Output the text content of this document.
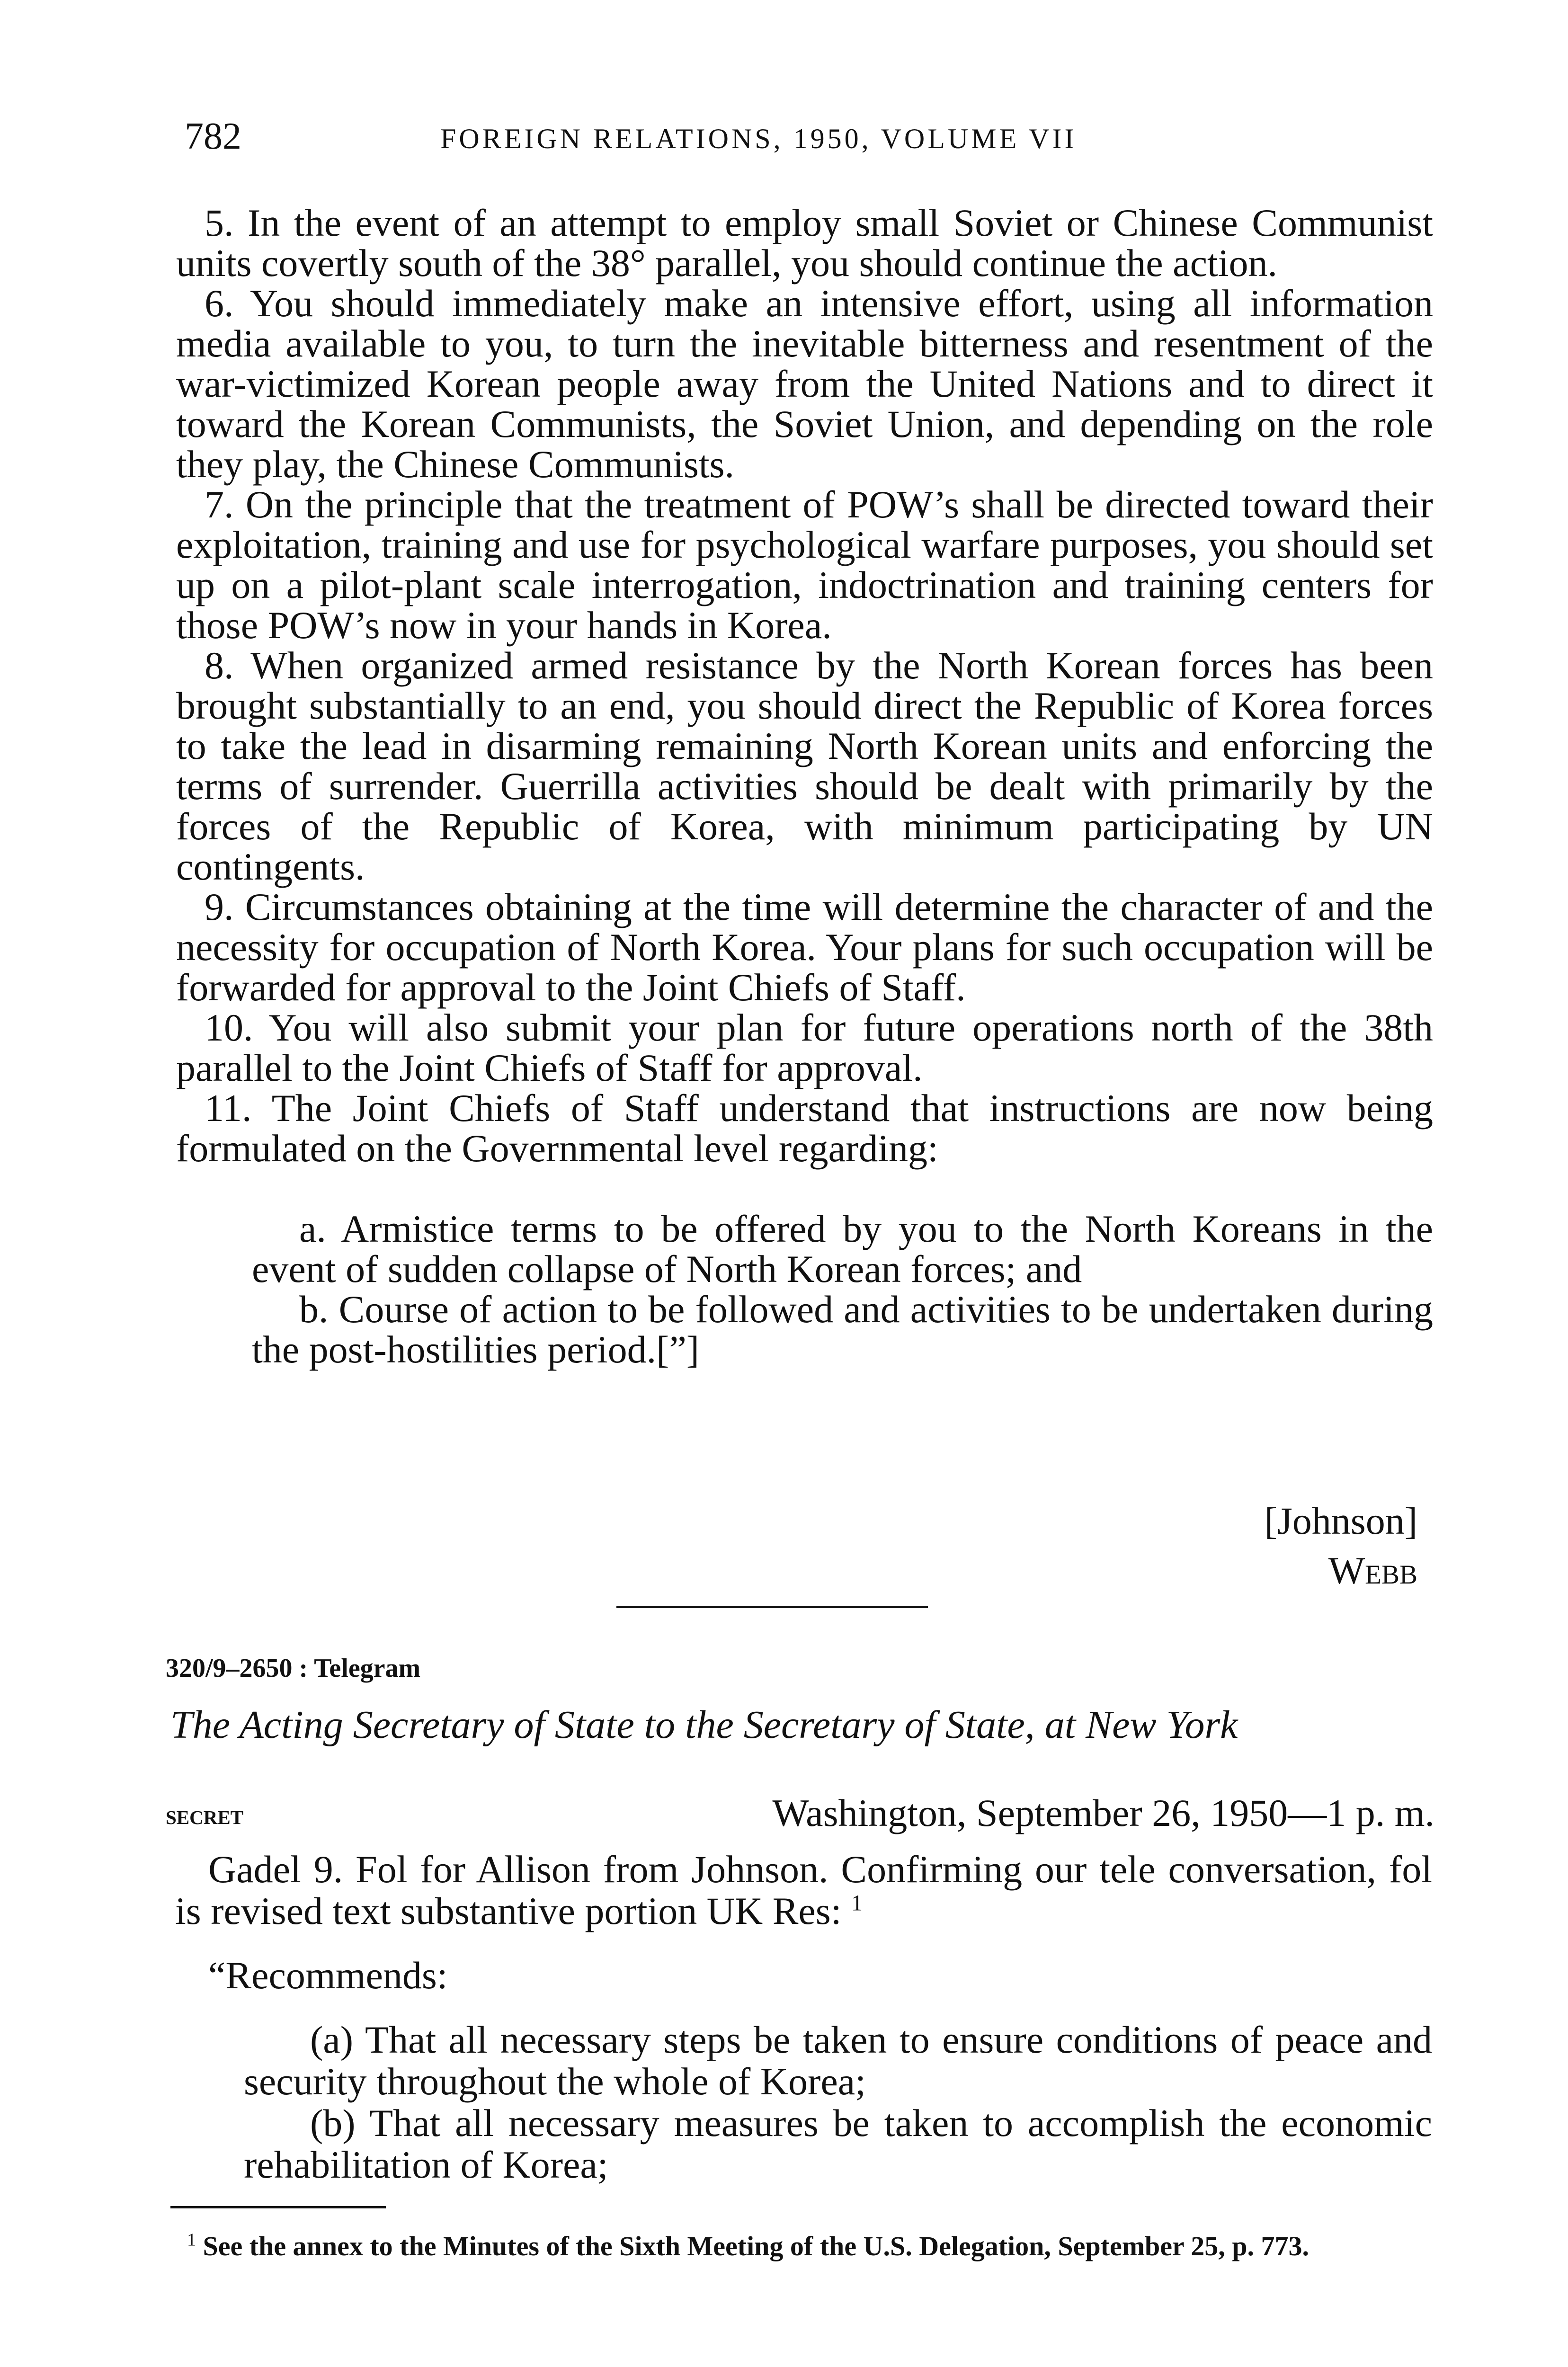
782	FOREIGN RELATIONS, 1950, VOLUME VII

5. In the event of an attempt to employ small Soviet or Chinese Communist units covertly south of the 38° parallel, you should continue the action.

6. You should immediately make an intensive effort, using all information media available to you, to turn the inevitable bitterness and resentment of the war-victimized Korean people away from the United Nations and to direct it toward the Korean Communists, the Soviet Union, and depending on the role they play, the Chinese Communists.

7. On the principle that the treatment of POW’s shall be directed toward their exploitation, training and use for psychological warfare purposes, you should set up on a pilot-plant scale interrogation, indoctrination and training centers for those POW’s now in your hands in Korea.

8. When organized armed resistance by the North Korean forces has been brought substantially to an end, you should direct the Republic of Korea forces to take the lead in disarming remaining North Korean units and enforcing the terms of surrender. Guerrilla activities should be dealt with primarily by the forces of the Republic of Korea, with minimum participating by UN contingents.

9. Circumstances obtaining at the time will determine the character of and the necessity for occupation of North Korea. Your plans for such occupation will be forwarded for approval to the Joint Chiefs of Staff.

10. You will also submit your plan for future operations north of the 38th parallel to the Joint Chiefs of Staff for approval.

11. The Joint Chiefs of Staff understand that instructions are now being formulated on the Governmental level regarding:

a. Armistice terms to be offered by you to the North Koreans in the event of sudden collapse of North Korean forces; and

b. Course of action to be followed and activities to be undertaken during the post-hostilities period.[”]

[Johnson]
Webb
320/9–2650 : Telegram
The Acting Secretary of State to the Secretary of State, at New York
secret	Washington, September 26, 1950—1 p. m.

Gadel 9. Fol for Allison from Johnson. Confirming our tele conversation, fol is revised text substantive portion UK Res: $^1$

“Recommends:

(a) That all necessary steps be taken to ensure conditions of peace and security throughout the whole of Korea;

(b) That all necessary measures be taken to accomplish the economic rehabilitation of Korea;

$^1$ See the annex to the Minutes of the Sixth Meeting of the U.S. Delegation, September 25, p. 773.
